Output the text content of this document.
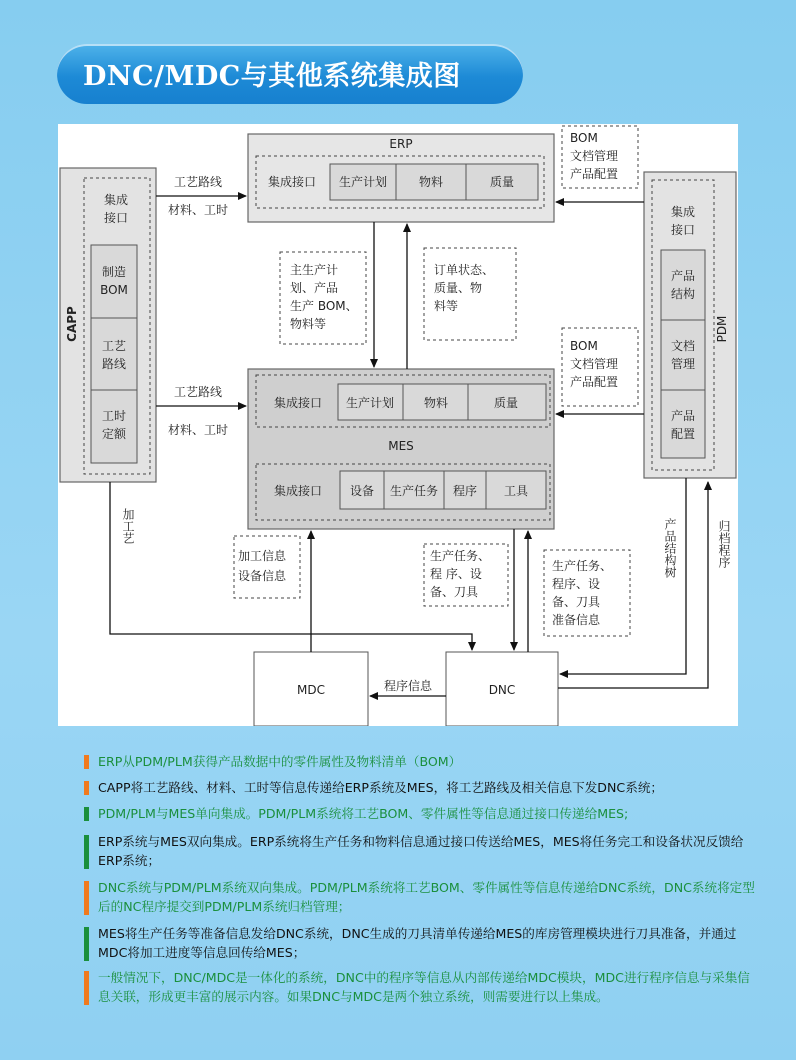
DNC/MDC与其他系统集成图
ERP
集成接口 生产计划	物料	质量
集成接口 生产计划 物料	质量
MES
集成接口 设备 生产任务 程序 工具
CAPP
集成
接口
制造
BOM
工艺
路线
工时
定额
PDM
集成
接口
产品
结构
文档
管理
产品
配置
MDC	DNC
工艺路线
材料、工时
工艺路线
材料、工时
BOM
文档管理
产品配置
BOM
文档管理
产品配置
主生产计
划、产品
生产 BOM、
物料等
订单状态、
质量、物
料等
加工信息
设备信息
生产任务、
程 序、设
备、刀具
生产任务、
程序、设
备、刀具
准备信息
加工艺	产品结构树	归档程序
程序信息
ERP从PDM/PLM获得产品数据中的零件属性及物料清单（BOM）
CAPP将工艺路线、材料、工时等信息传递给ERP系统及MES，将工艺路线及相关信息下发DNC系统；
PDM/PLM与MES单向集成。PDM/PLM系统将工艺BOM、零件属性等信息通过接口传递给MES;
ERP系统与MES双向集成。ERP系统将生产任务和物料信息通过接口传送给MES，MES将任务完工和设备状况反馈给ERP系统；
DNC系统与PDM/PLM系统双向集成。PDM/PLM系统将工艺BOM、零件属性等信息传递给DNC系统，DNC系统将定型后的NC程序提交到PDM/PLM系统归档管理；
MES将生产任务等准备信息发给DNC系统，DNC生成的刀具清单传递给MES的库房管理模块进行刀具准备，并通过MDC将加工进度等信息回传给MES；
一般情况下，DNC/MDC是一体化的系统，DNC中的程序等信息从内部传递给MDC模块，MDC进行程序信息与采集信息关联，形成更丰富的展示内容。如果DNC与MDC是两个独立系统，则需要进行以上集成。
